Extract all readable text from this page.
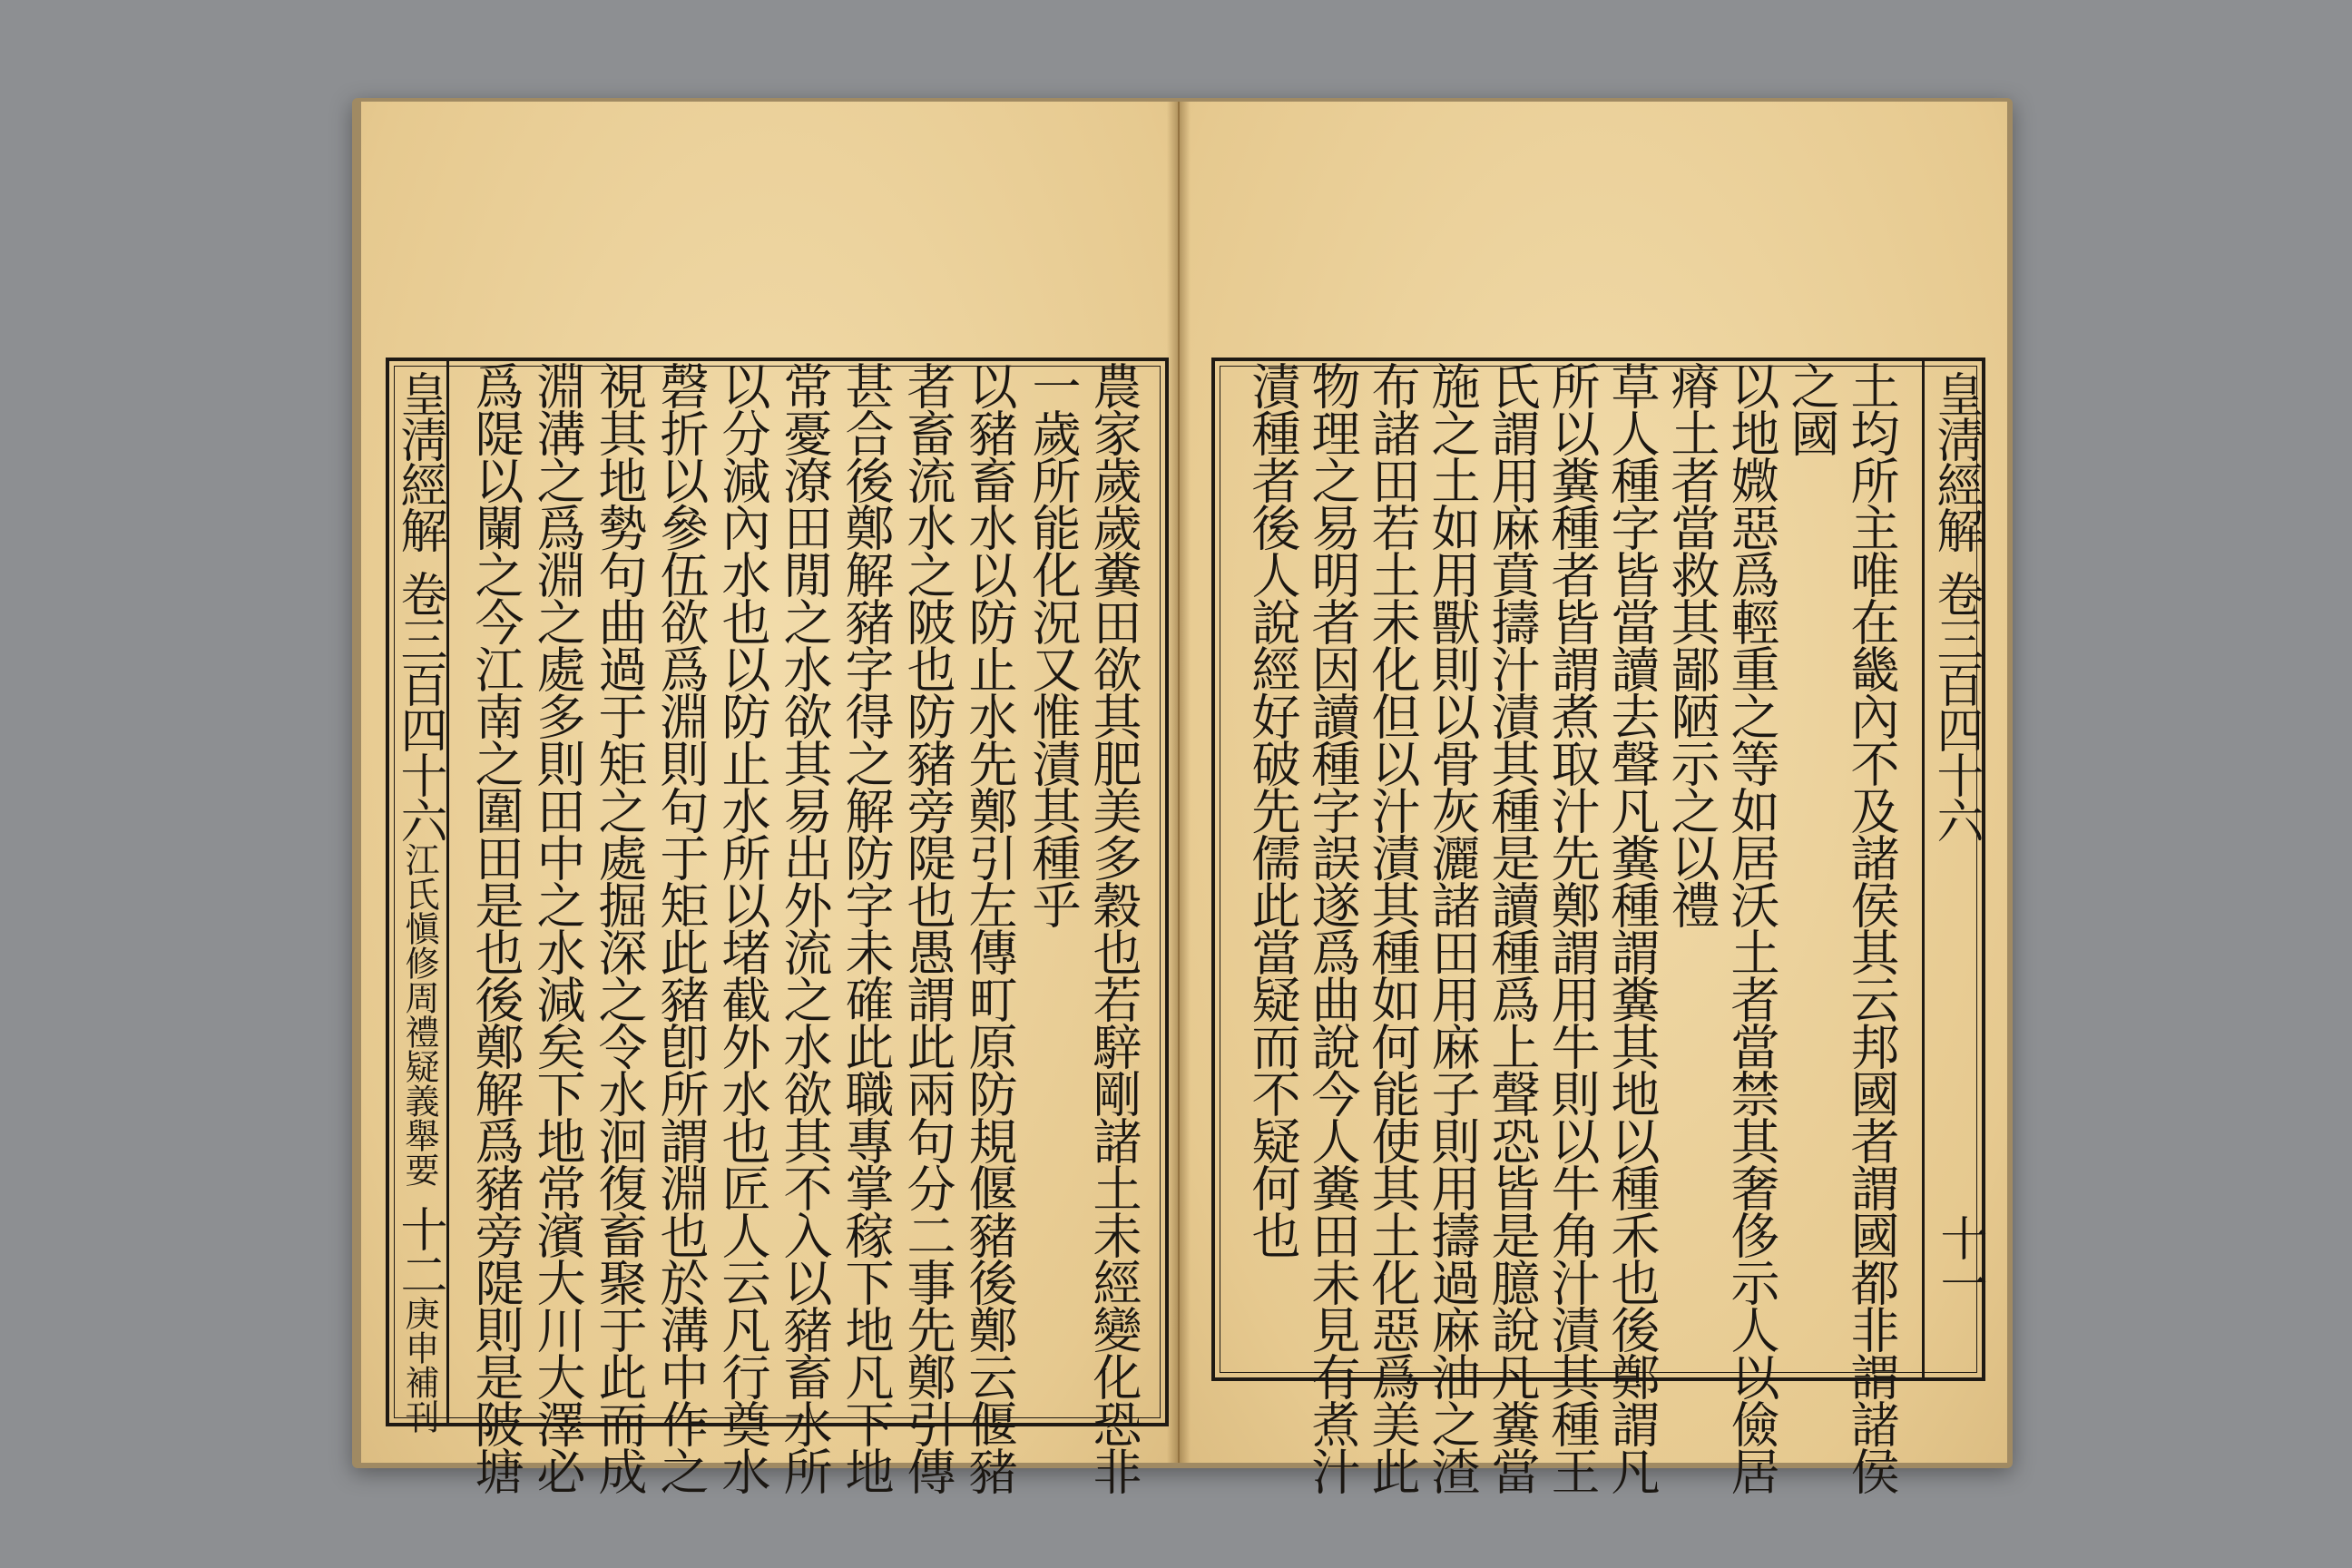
農家歲歲糞田欲其肥美多穀也若騂剛諸土未經變化恐非
一歲所能化況又惟漬其種乎
以豬畜水以防止水先鄭引左傳町原防規偃豬後鄭云偃豬
者畜流水之陂也防豬旁隄也愚謂此兩句分二事先鄭引傳
甚合後鄭解豬字得之解防字未確此職專掌稼下地凡下地
常憂潦田閒之水欲其易出外流之水欲其不入以豬畜水所
以分減內水也以防止水所以堵截外水也匠人云凡行奠水
磬折以參伍欲爲淵則句于矩此豬卽所謂淵也於溝中作之
視其地勢句曲過于矩之處掘深之令水洄復畜聚于此而成
淵溝之爲淵之處多則田中之水減矣下地常濱大川大澤必
爲隄以闌之今江南之圍田是也後鄭解爲豬旁隄則是陂塘
皇淸經解卷三百四十六江氏愼修周禮疑義舉要十二庚申補刊
皇淸經解卷三百四十六
土均所主唯在畿內不及諸侯其云邦國者謂國都非謂諸侯
之國
以地媺惡爲輕重之等如居沃土者當禁其奢侈示人以儉居
瘠土者當救其鄙陋示之以禮
草人種字皆當讀去聲凡糞種謂糞其地以種禾也後鄭謂凡
所以糞種者皆謂煮取汁先鄭謂用牛則以牛角汁漬其種王
氏謂用麻賁擣汁漬其種是讀種爲上聲恐皆是臆說凡糞當
施之土如用獸則以骨灰灑諸田用麻子則用擣過麻油之渣
布諸田若土未化但以汁漬其種如何能使其土化惡爲美此
物理之易明者因讀種字誤遂爲曲說今人糞田未見有煮汁
漬種者後人說經好破先儒此當疑而不疑何也
十一
